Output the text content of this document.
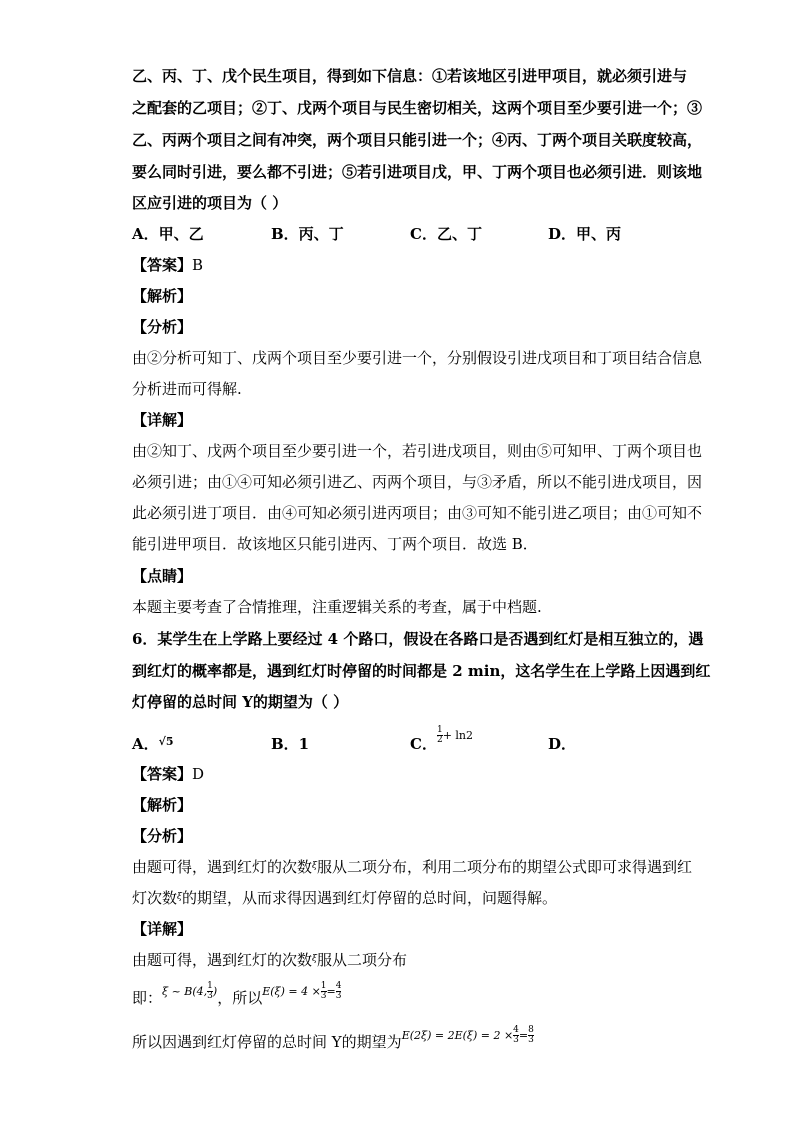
乙、丙、丁、戊个民生项目，得到如下信息：①若该地区引进甲项目，就必须引进与
之配套的乙项目；②丁、戊两个项目与民生密切相关，这两个项目至少要引进一个；③
乙、丙两个项目之间有冲突，两个项目只能引进一个；④丙、丁两个项目关联度较高，
要么同时引进，要么都不引进；⑤若引进项目戊，甲、丁两个项目也必须引进．则该地
区应引进的项目为（ ）
A．甲、乙	B．丙、丁	C．乙、丁	D．甲、丙
【答案】B
【解析】
【分析】
由②分析可知丁、戊两个项目至少要引进一个，分别假设引进戊项目和丁项目结合信息
分析进而可得解.
【详解】
由②知丁、戊两个项目至少要引进一个，若引进戊项目，则由⑤可知甲、丁两个项目也
必须引进；由①④可知必须引进乙、丙两个项目，与③矛盾，所以不能引进戊项目，因
此必须引进丁项目．由④可知必须引进丙项目；由③可知不能引进乙项目；由①可知不
能引进甲项目．故该地区只能引进丙、丁两个项目．故选 B．
【点睛】
本题主要考查了合情推理，注重逻辑关系的考查，属于中档题.
6．某学生在上学路上要经过 4 个路口，假设在各路口是否遇到红灯是相互独立的，遇
到红灯的概率都是，遇到红灯时停留的时间都是 2 min，这名学生在上学路上因遇到红
灯停留的总时间 Y的期望为（ ）
A．$^{√5}$	B．1	C． $\frac{1}{2} ^{+ ln2}$	D．
【答案】D
【解析】
【分析】
由题可得，遇到红灯的次数$^\xi$服从二项分布，利用二项分布的期望公式即可求得遇到红
灯次数$^\xi$的期望，从而求得因遇到红灯停留的总时间，问题得解。
【详解】
由题可得，遇到红灯的次数$^\xi$服从二项分布
即：$^{\xi \sim B(4,} \frac{1}{3} ^)$，所以$^{E(\xi) = 4 \times} \frac{1}{3} ^= \frac{4}{3}$
所以因遇到红灯停留的总时间 Y的期望为$^{E(2\xi) = 2E(\xi) = 2 \times} \frac{4}{3} ^= \frac{8}{3}$
